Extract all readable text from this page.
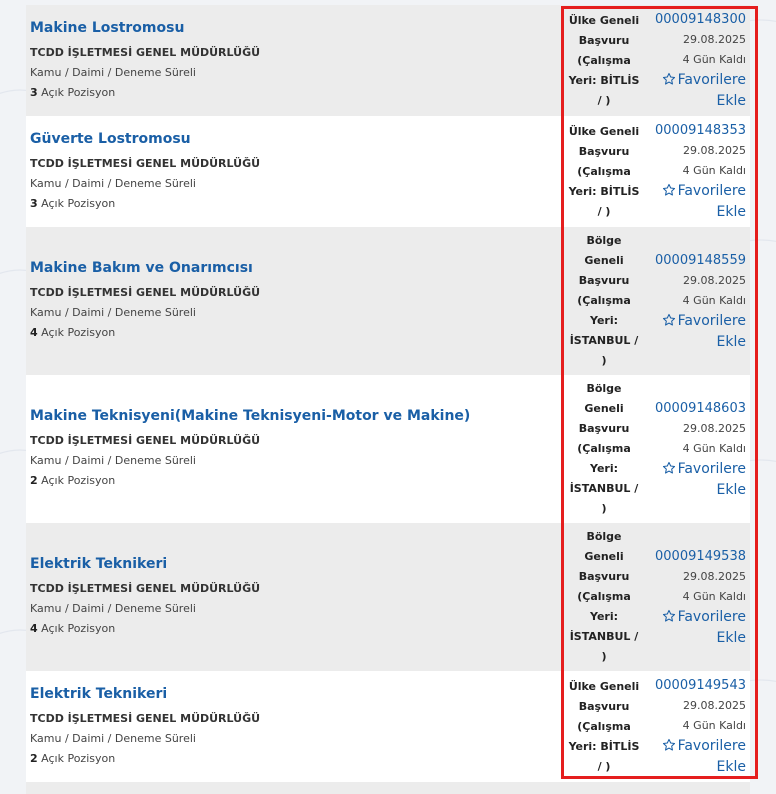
Makine Lostromosu
TCDD İŞLETMESİ GENEL MÜDÜRLÜĞÜ
Kamu / Daimi / Deneme Süreli
3 Açık Pozisyon
Ülke Geneli
Başvuru
(Çalışma
Yeri: BİTLİS
/ )
00009148300
29.08.2025
4 Gün Kaldı
Favorilere
Ekle
Güverte Lostromosu
TCDD İŞLETMESİ GENEL MÜDÜRLÜĞÜ
Kamu / Daimi / Deneme Süreli
3 Açık Pozisyon
Ülke Geneli
Başvuru
(Çalışma
Yeri: BİTLİS
/ )
00009148353
29.08.2025
4 Gün Kaldı
Favorilere
Ekle
Makine Bakım ve Onarımcısı
TCDD İŞLETMESİ GENEL MÜDÜRLÜĞÜ
Kamu / Daimi / Deneme Süreli
4 Açık Pozisyon
Bölge
Geneli
Başvuru
(Çalışma
Yeri:
İSTANBUL /
)
00009148559
29.08.2025
4 Gün Kaldı
Favorilere
Ekle
Makine Teknisyeni(Makine Teknisyeni-Motor ve Makine)
TCDD İŞLETMESİ GENEL MÜDÜRLÜĞÜ
Kamu / Daimi / Deneme Süreli
2 Açık Pozisyon
Bölge
Geneli
Başvuru
(Çalışma
Yeri:
İSTANBUL /
)
00009148603
29.08.2025
4 Gün Kaldı
Favorilere
Ekle
Elektrik Teknikeri
TCDD İŞLETMESİ GENEL MÜDÜRLÜĞÜ
Kamu / Daimi / Deneme Süreli
4 Açık Pozisyon
Bölge
Geneli
Başvuru
(Çalışma
Yeri:
İSTANBUL /
)
00009149538
29.08.2025
4 Gün Kaldı
Favorilere
Ekle
Elektrik Teknikeri
TCDD İŞLETMESİ GENEL MÜDÜRLÜĞÜ
Kamu / Daimi / Deneme Süreli
2 Açık Pozisyon
Ülke Geneli
Başvuru
(Çalışma
Yeri: BİTLİS
/ )
00009149543
29.08.2025
4 Gün Kaldı
Favorilere
Ekle
